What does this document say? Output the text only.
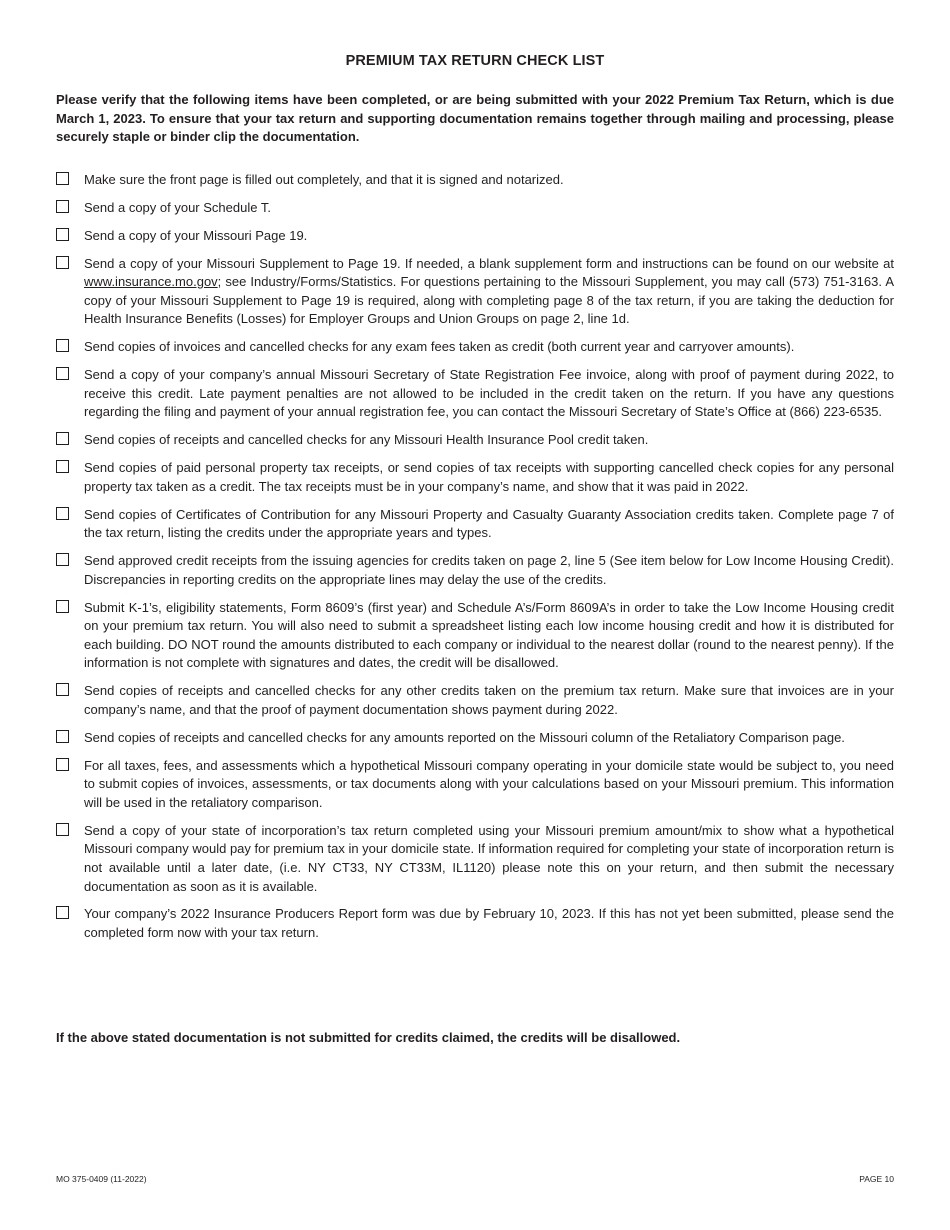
PREMIUM TAX RETURN CHECK LIST
Please verify that the following items have been completed, or are being submitted with your 2022 Premium Tax Return, which is due March 1, 2023. To ensure that your tax return and supporting documentation remains together through mailing and processing, please securely staple or binder clip the documentation.
Make sure the front page is filled out completely, and that it is signed and notarized.
Send a copy of your Schedule T.
Send a copy of your Missouri Page 19.
Send a copy of your Missouri Supplement to Page 19. If needed, a blank supplement form and instructions can be found on our website at www.insurance.mo.gov; see Industry/Forms/Statistics. For questions pertaining to the Missouri Supplement, you may call (573) 751-3163. A copy of your Missouri Supplement to Page 19 is required, along with completing page 8 of the tax return, if you are taking the deduction for Health Insurance Benefits (Losses) for Employer Groups and Union Groups on page 2, line 1d.
Send copies of invoices and cancelled checks for any exam fees taken as credit (both current year and carryover amounts).
Send a copy of your company’s annual Missouri Secretary of State Registration Fee invoice, along with proof of payment during 2022, to receive this credit. Late payment penalties are not allowed to be included in the credit taken on the return. If you have any questions regarding the filing and payment of your annual registration fee, you can contact the Missouri Secretary of State’s Office at (866) 223-6535.
Send copies of receipts and cancelled checks for any Missouri Health Insurance Pool credit taken.
Send copies of paid personal property tax receipts, or send copies of tax receipts with supporting cancelled check copies for any personal property tax taken as a credit. The tax receipts must be in your company’s name, and show that it was paid in 2022.
Send copies of Certificates of Contribution for any Missouri Property and Casualty Guaranty Association credits taken. Complete page 7 of the tax return, listing the credits under the appropriate years and types.
Send approved credit receipts from the issuing agencies for credits taken on page 2, line 5 (See item below for Low Income Housing Credit). Discrepancies in reporting credits on the appropriate lines may delay the use of the credits.
Submit K-1’s, eligibility statements, Form 8609’s (first year) and Schedule A’s/Form 8609A’s in order to take the Low Income Housing credit on your premium tax return. You will also need to submit a spreadsheet listing each low income housing credit and how it is distributed for each building. DO NOT round the amounts distributed to each company or individual to the nearest dollar (round to the nearest penny). If the information is not complete with signatures and dates, the credit will be disallowed.
Send copies of receipts and cancelled checks for any other credits taken on the premium tax return. Make sure that invoices are in your company’s name, and that the proof of payment documentation shows payment during 2022.
Send copies of receipts and cancelled checks for any amounts reported on the Missouri column of the Retaliatory Comparison page.
For all taxes, fees, and assessments which a hypothetical Missouri company operating in your domicile state would be subject to, you need to submit copies of invoices, assessments, or tax documents along with your calculations based on your Missouri premium. This information will be used in the retaliatory comparison.
Send a copy of your state of incorporation’s tax return completed using your Missouri premium amount/mix to show what a hypothetical Missouri company would pay for premium tax in your domicile state. If information required for completing your state of incorporation return is not available until a later date, (i.e. NY CT33, NY CT33M, IL1120) please note this on your return, and then submit the necessary documentation as soon as it is available.
Your company’s 2022 Insurance Producers Report form was due by February 10, 2023. If this has not yet been submitted, please send the completed form now with your tax return.
If the above stated documentation is not submitted for credits claimed, the credits will be disallowed.
MO 375-0409 (11-2022)	PAGE 10
